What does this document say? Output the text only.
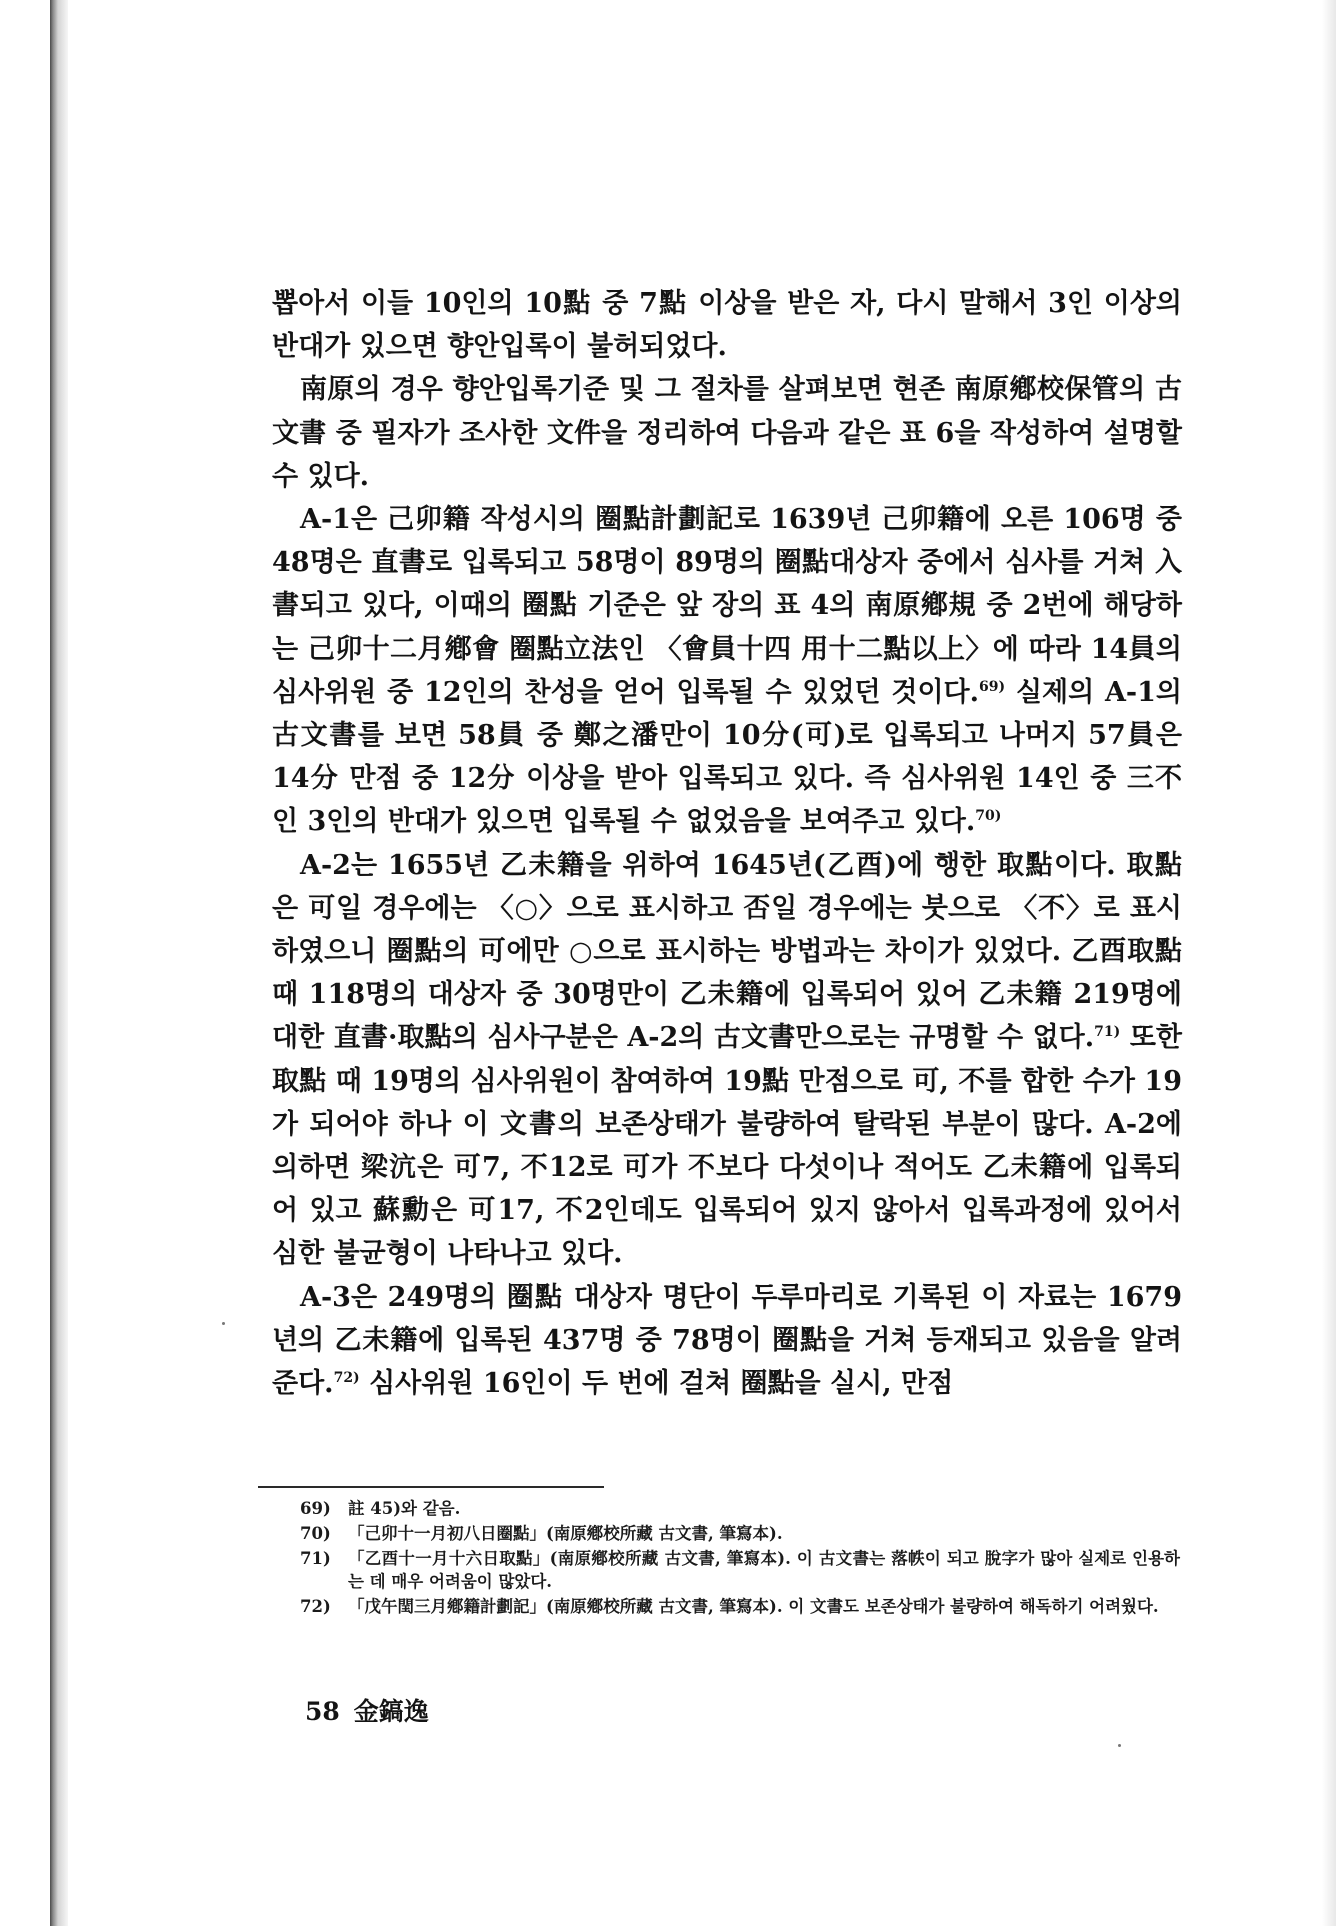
뽑아서 이들 10인의 10點 중 7點 이상을 받은 자, 다시 말해서 3인 이상의 반대가 있으면 향안입록이 불허되었다.

南原의 경우 향안입록기준 및 그 절차를 살펴보면 현존 南原鄕校保管의 古文書 중 필자가 조사한 文件을 정리하여 다음과 같은 표 6을 작성하여 설명할 수 있다.

A-1은 己卯籍 작성시의 圈點計劃記로 1639년 己卯籍에 오른 106명 중 48명은 直書로 입록되고 58명이 89명의 圈點대상자 중에서 심사를 거쳐 入書되고 있다, 이때의 圈點 기준은 앞 장의 표 4의 南原鄕規 중 2번에 해당하는 己卯十二月鄕會 圈點立法인 〈會員十四 用十二點以上〉에 따라 14員의 심사위원 중 12인의 찬성을 얻어 입록될 수 있었던 것이다.$^{69)}$ 실제의 A-1의 古文書를 보면 58員 중 鄭之潘만이 10分(可)로 입록되고 나머지 57員은 14分 만점 중 12分 이상을 받아 입록되고 있다. 즉 심사위원 14인 중 三不인 3인의 반대가 있으면 입록될 수 없었음을 보여주고 있다.$^{70)}$

A-2는 1655년 乙未籍을 위하여 1645년(乙酉)에 행한 取點이다. 取點은 可일 경우에는 〈○〉으로 표시하고 否일 경우에는 붓으로 〈不〉로 표시하였으니 圈點의 可에만 ○으로 표시하는 방법과는 차이가 있었다. 乙酉取點 때 118명의 대상자 중 30명만이 乙未籍에 입록되어 있어 乙未籍 219명에 대한 直書·取點의 심사구분은 A-2의 古文書만으로는 규명할 수 없다.$^{71)}$ 또한 取點 때 19명의 심사위원이 참여하여 19點 만점으로 可, 不를 합한 수가 19가 되어야 하나 이 文書의 보존상태가 불량하여 탈락된 부분이 많다. A-2에 의하면 梁沆은 可7, 不12로 可가 不보다 다섯이나 적어도 乙未籍에 입록되어 있고 蘇勳은 可17, 不2인데도 입록되어 있지 않아서 입록과정에 있어서 심한 불균형이 나타나고 있다.

A-3은 249명의 圈點 대상자 명단이 두루마리로 기록된 이 자료는 1679년의 乙未籍에 입록된 437명 중 78명이 圈點을 거쳐 등재되고 있음을 알려준다.$^{72)}$ 심사위원 16인이 두 번에 걸쳐 圈點을 실시, 만점

69) 註 45)와 같음.
70) 「己卯十一月初八日圈點」(南原鄕校所藏 古文書, 筆寫本).
71) 「乙酉十一月十六日取點」(南原鄕校所藏 古文書, 筆寫本). 이 古文書는 落帙이 되고 脫字가 많아 실제로 인용하는 데 매우 어려움이 많았다.
72) 「戊午閏三月鄕籍計劃記」(南原鄕校所藏 古文書, 筆寫本). 이 文書도 보존상태가 불량하여 해독하기 어려웠다.
58 金鎬逸
